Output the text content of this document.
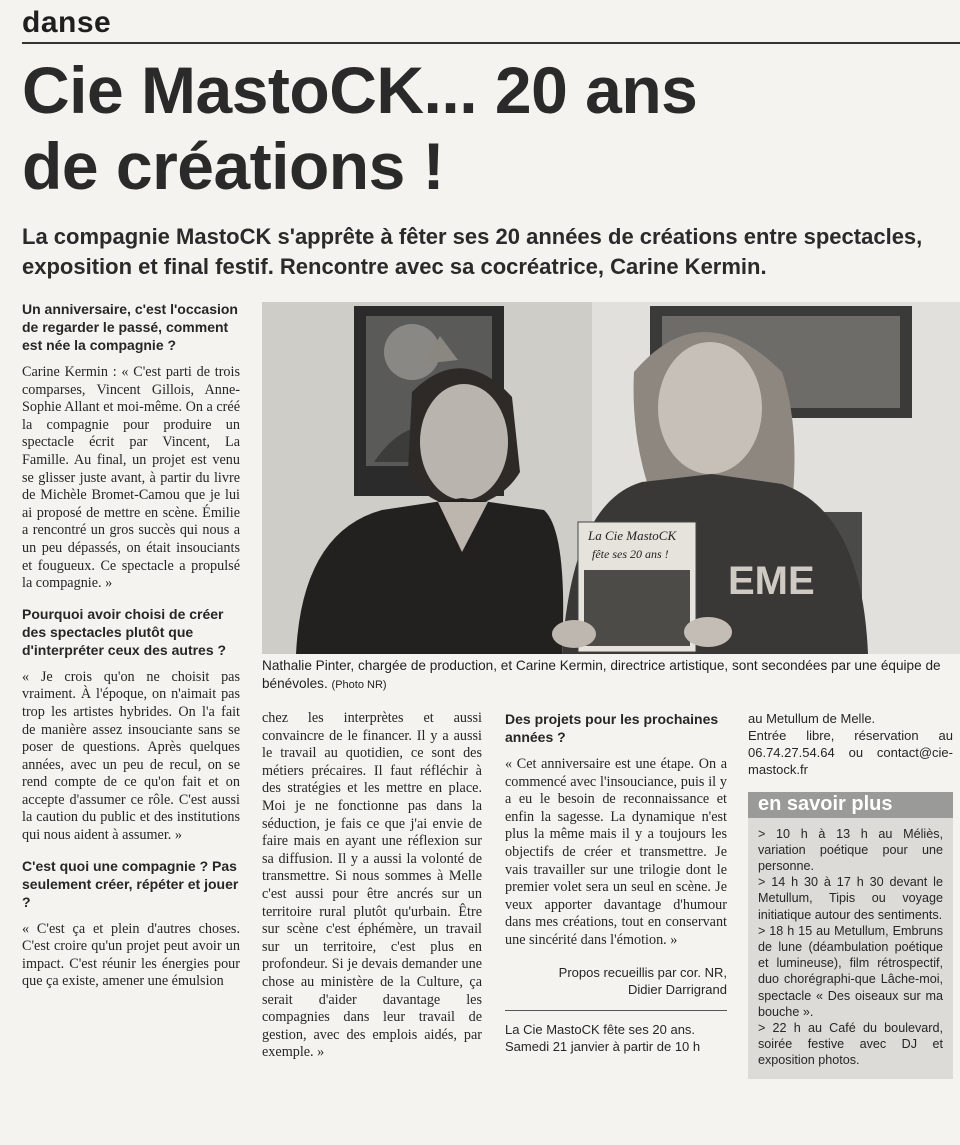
danse
Cie MastoCK... 20 ans
de créations !
La compagnie MastoCK s'apprête à fêter ses 20 années de créations entre spectacles, exposition et final festif. Rencontre avec sa cocréatrice, Carine Kermin.
Un anniversaire, c'est l'occasion de regarder le passé, comment est née la compagnie ?

Carine Kermin : « C'est parti de trois comparses, Vincent Gillois, Anne-Sophie Allant et moi-même. On a créé la compagnie pour produire un spectacle écrit par Vincent, La Famille. Au final, un projet est venu se glisser juste avant, à partir du livre de Michèle Bromet-Camou que je lui ai proposé de mettre en scène. Émilie a rencontré un gros succès qui nous a un peu dépassés, on était insouciants et fougueux. Ce spectacle a propulsé la compagnie. »

Pourquoi avoir choisi de créer des spectacles plutôt que d'interpréter ceux des autres ?

« Je crois qu'on ne choisit pas vraiment. À l'époque, on n'aimait pas trop les artistes hybrides. On l'a fait de manière assez insouciante sans se poser de questions. Après quelques années, avec un peu de recul, on se rend compte de ce qu'on fait et on accepte d'assumer ce rôle. C'est aussi la caution du public et des institutions qui nous aident à assumer. »

C'est quoi une compagnie ? Pas seulement créer, répéter et jouer ?

« C'est ça et plein d'autres choses. C'est croire qu'un projet peut avoir un impact. C'est réunir les énergies pour que ça existe, amener une émulsion

La Cie MastoCK
fête ses 20 ans !
EME
Nathalie Pinter, chargée de production, et Carine Kermin, directrice artistique, sont secondées par une équipe de bénévoles. (Photo NR)

chez les interprètes et aussi convaincre de le financer. Il y a aussi le travail au quotidien, ce sont des métiers précaires. Il faut réfléchir à des stratégies et les mettre en place. Moi je ne fonctionne pas dans la séduction, je fais ce que j'ai envie de faire mais en ayant une réflexion sur sa diffusion. Il y a aussi la volonté de transmettre. Si nous sommes à Melle c'est aussi pour être ancrés sur un territoire rural plutôt qu'urbain. Être sur scène c'est éphémère, un travail sur un territoire, c'est plus en profondeur. Si je devais demander une chose au ministère de la Culture, ça serait d'aider davantage les compagnies dans leur travail de gestion, avec des emplois aidés, par exemple. »

Des projets pour les prochaines années ?

« Cet anniversaire est une étape. On a commencé avec l'insouciance, puis il y a eu le besoin de reconnaissance et enfin la sagesse. La dynamique n'est plus la même mais il y a toujours les objectifs de créer et transmettre. Je vais travailler sur une trilogie dont le premier volet sera un seul en scène. Je veux apporter davantage d'humour dans mes créations, tout en conservant une sincérité dans l'émotion. »

Propos recueillis par cor. NR,
Didier Darrigrand
La Cie MastoCK fête ses 20 ans.
Samedi 21 janvier à partir de 10 h
au Metullum de Melle.
Entrée libre, réservation au 06.74.27.54.64 ou contact@cie-mastock.fr
en savoir plus
> 10 h à 13 h au Méliès, variation poétique pour une personne.
> 14 h 30 à 17 h 30 devant le Metullum, Tipis ou voyage initiatique autour des sentiments.
> 18 h 15 au Metullum, Embruns de lune (déambulation poétique et lumineuse), film rétrospectif, duo chorégraphi-que Lâche-moi, spectacle « Des oiseaux sur ma bouche ».
> 22 h au Café du boulevard, soirée festive avec DJ et exposition photos.
